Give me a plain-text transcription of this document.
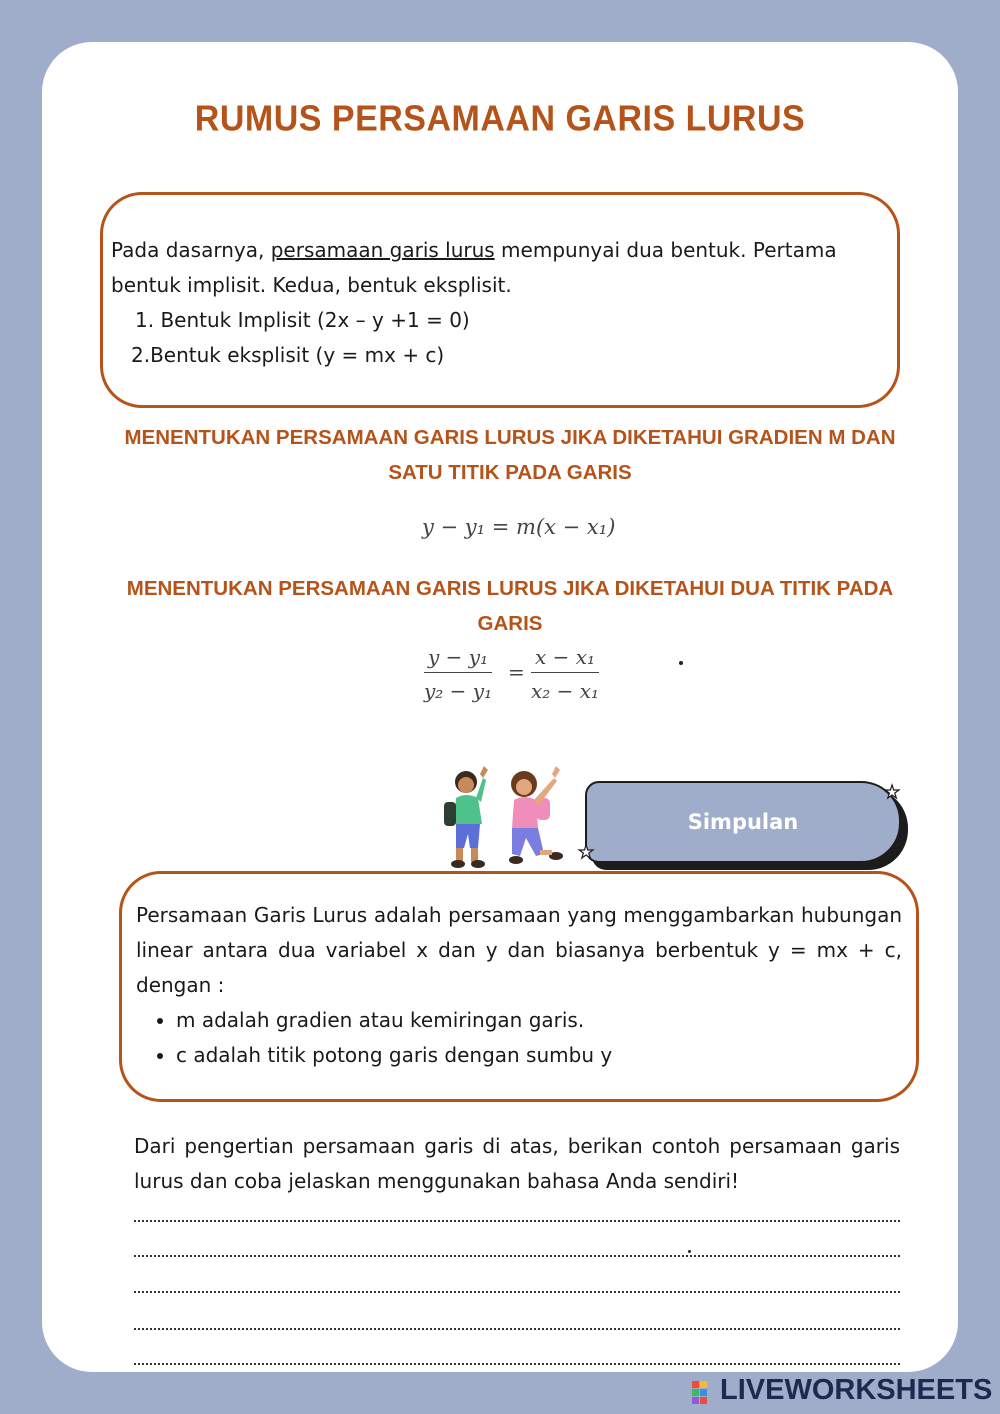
RUMUS PERSAMAAN GARIS LURUS
Pada dasarnya, persamaan garis lurus mempunyai dua bentuk. Pertama bentuk implisit. Kedua, bentuk eksplisit.
1. Bentuk Implisit (2x – y +1 = 0)
2.Bentuk eksplisit (y = mx + c)
MENENTUKAN PERSAMAAN GARIS LURUS JIKA DIKETAHUI GRADIEN M DAN SATU TITIK PADA GARIS
y − y₁ = m(x − x₁)
MENENTUKAN PERSAMAAN GARIS LURUS JIKA DIKETAHUI DUA TITIK PADA GARIS
$\frac{\text{y − y₁}}{\text{y₂ − y₁}} = \frac{\text{x − x₁}}{\text{x₂ − x₁}}$
Simpulan
★
★
Persamaan Garis Lurus adalah persamaan yang menggambarkan hubungan linear antara dua variabel x dan y dan biasanya berbentuk y = mx + c, dengan :
• m adalah gradien atau kemiringan garis.
• c adalah titik potong garis dengan sumbu y
Dari pengertian persamaan garis di atas, berikan contoh persamaan garis lurus dan coba jelaskan menggunakan bahasa Anda sendiri!
LIVEWORKSHEETS
